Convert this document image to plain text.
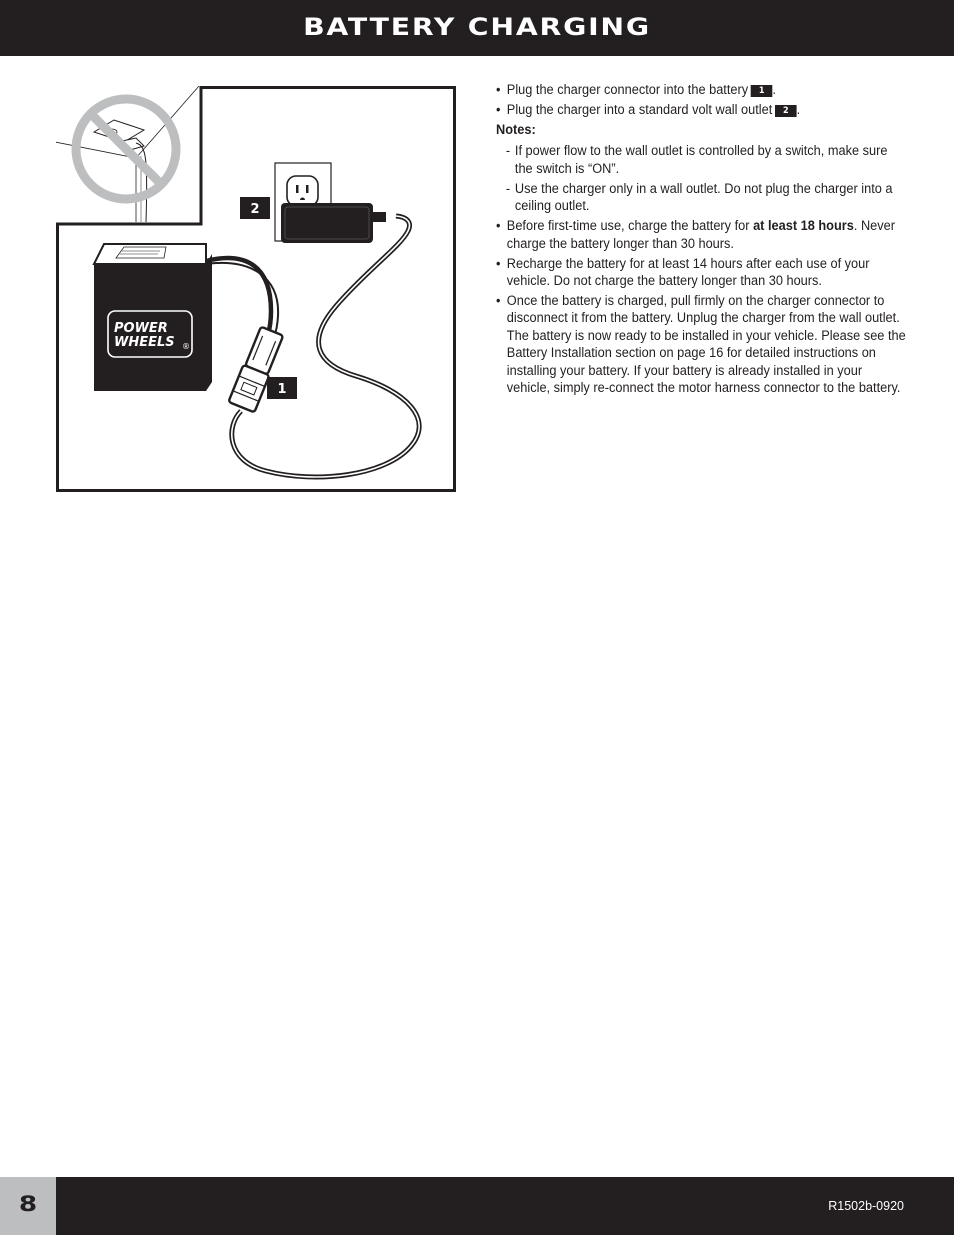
BATTERY CHARGING
POWER
WHEELS ®
1
2
• Plug the charger connector into the battery 1 .
• Plug the charger into a standard volt wall outlet 2 .
Notes:
- If power flow to the wall outlet is controlled by a switch, make sure the switch is “ON”.
- Use the charger only in a wall outlet. Do not plug the charger into a ceiling outlet.
• Before first-time use, charge the battery for at least 18 hours. Never charge the battery longer than 30 hours.
• Recharge the battery for at least 14 hours after each use of your vehicle. Do not charge the battery longer than 30 hours.
• Once the battery is charged, pull firmly on the charger connector to disconnect it from the battery. Unplug the charger from the wall outlet. The battery is now ready to be installed in your vehicle. Please see the Battery Installation section on page 16 for detailed instructions on installing your battery. If your battery is already installed in your vehicle, simply re-connect the motor harness connector to the battery.
8	R1502b-0920
